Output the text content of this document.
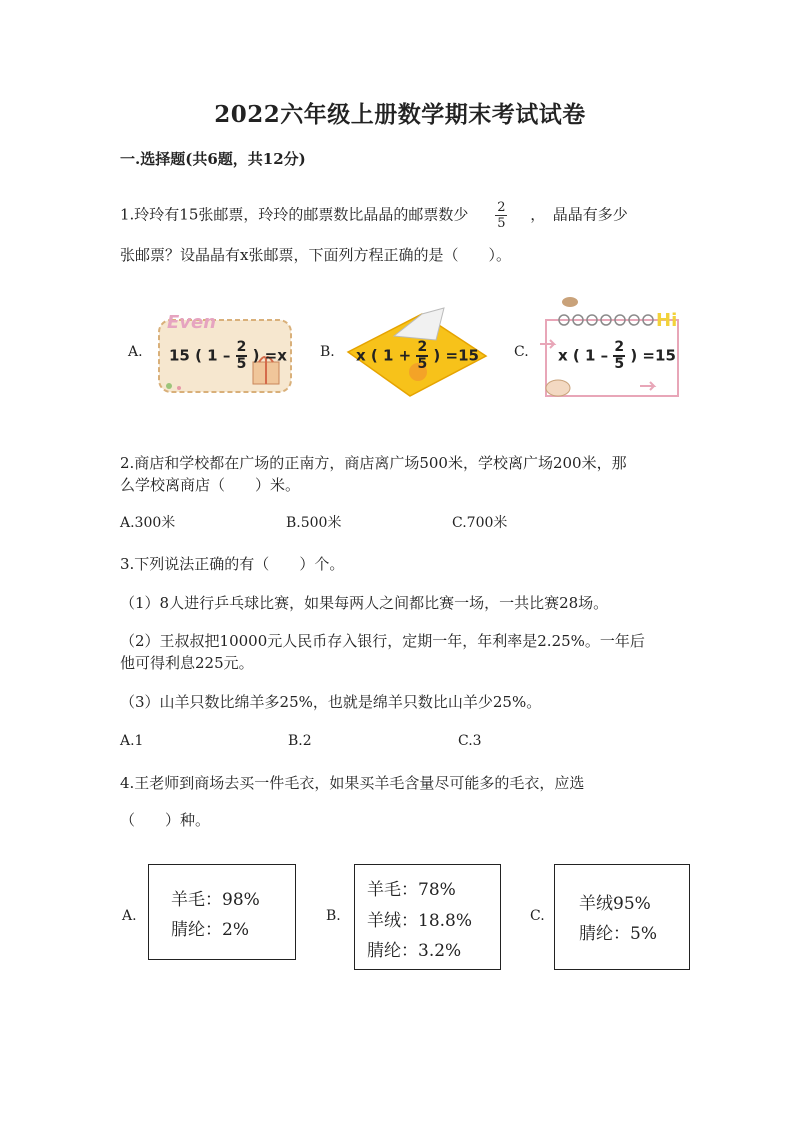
2022六年级上册数学期末考试试卷
一.选择题(共6题，共12分)
1.玲玲有15张邮票，玲玲的邮票数比晶晶的邮票数少 $\frac{2}{5}$ ，　晶晶有多少
张邮票？设晶晶有x张邮票，下面列方程正确的是（　　）。
A.
Even
15 ( $1 - \frac{2}{5}$ ) =x B. x ( $1 + \frac{2}{5}$ ) =15	C.
Hi
x ( $1 - \frac{2}{5}$ ) =15
2.商店和学校都在广场的正南方，商店离广场500米，学校离广场200米，那
么学校离商店（　　）米。
A.300米	B.500米	C.700米
3.下列说法正确的有（　　）个。
（1）8人进行乒乓球比赛，如果每两人之间都比赛一场，一共比赛28场。
（2）王叔叔把10000元人民币存入银行，定期一年，年利率是2.25%。一年后
他可得利息225元。
（3）山羊只数比绵羊多25%，也就是绵羊只数比山羊少25%。
A.1	B.2	C.3
4.王老师到商场去买一件毛衣，如果买羊毛含量尽可能多的毛衣，应选
（　　）种。
A.
羊毛：98%
腈纶：2%
B.
羊毛：78%
羊绒：18.8%
腈纶：3.2%
C.
羊绒95%
腈纶：5%
